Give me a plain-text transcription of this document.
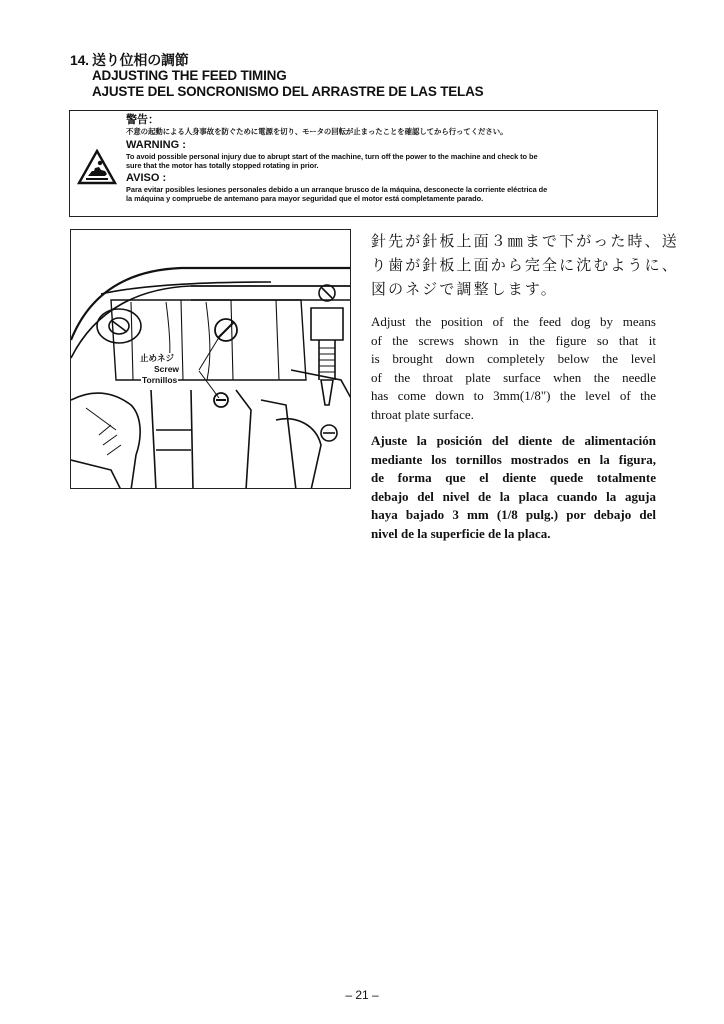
14. 送り位相の調節
ADJUSTING THE FEED TIMING
AJUSTE DEL SONCRONISMO DEL ARRASTRE DE LAS TELAS
警告：
不意の起動による人身事故を防ぐために電源を切り、モータの回転が止まったことを確認してから行ってください。
WARNING :
To avoid possible personal injury due to abrupt start of the machine, turn off the power to the machine and check to be
sure that the motor has totally stopped rotating in prior.
AVISO :
Para evitar posibles lesiones personales debido a un arranque brusco de la máquina, desconecte la corriente eléctrica de
la máquina y compruebe de antemano para mayor seguridad que el motor está completamente parado.
止めネジ
Screw
Tornillos
針先が針板上面３㎜まで下がった時、送
り歯が針板上面から完全に沈むように、
図のネジで調整します。
Adjust the position of the feed dog by means
of the screws shown in the figure so that it
is brought down completely below the level
of the throat plate surface when the needle
has come down to 3mm(1/8") the level of the
throat plate surface.
Ajuste la posición del diente de alimentación
mediante los tornillos mostrados en la figura,
de forma que el diente quede totalmente
debajo del nivel de la placa cuando la aguja
haya bajado 3 mm (1/8 pulg.) por debajo del
nivel de la superficie de la placa.
– 21 –
